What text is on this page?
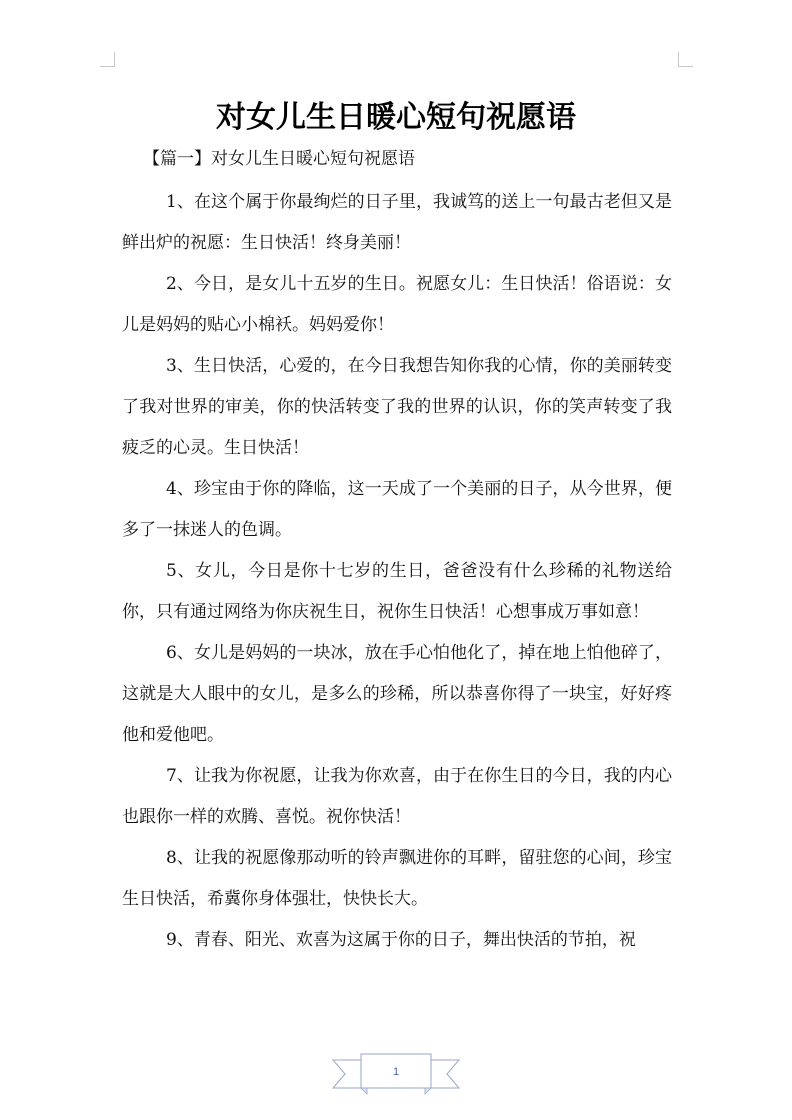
对女儿生日暖心短句祝愿语

【篇一】对女儿生日暖心短句祝愿语

1、在这个属于你最绚烂的日子里，我诚笃的送上一句最古老但又是鲜出炉的祝愿：生日快活！终身美丽！

2、今日，是女儿十五岁的生日。祝愿女儿：生日快活！俗语说：女儿是妈妈的贴心小棉袄。妈妈爱你！

3、生日快活，心爱的，在今日我想告知你我的心情，你的美丽转变了我对世界的审美，你的快活转变了我的世界的认识，你的笑声转变了我疲乏的心灵。生日快活！

4、珍宝由于你的降临，这一天成了一个美丽的日子，从今世界，便多了一抹迷人的色调。

5、女儿，今日是你十七岁的生日，爸爸没有什么珍稀的礼物送给你，只有通过网络为你庆祝生日，祝你生日快活！心想事成万事如意！

6、女儿是妈妈的一块冰，放在手心怕他化了，掉在地上怕他碎了，这就是大人眼中的女儿，是多么的珍稀，所以恭喜你得了一块宝，好好疼他和爱他吧。

7、让我为你祝愿，让我为你欢喜，由于在你生日的今日，我的内心也跟你一样的欢腾、喜悦。祝你快活！

8、让我的祝愿像那动听的铃声飘进你的耳畔，留驻您的心间，珍宝生日快活，希冀你身体强壮，快快长大。

9、青春、阳光、欢喜为这属于你的日子，舞出快活的节拍，祝

1
